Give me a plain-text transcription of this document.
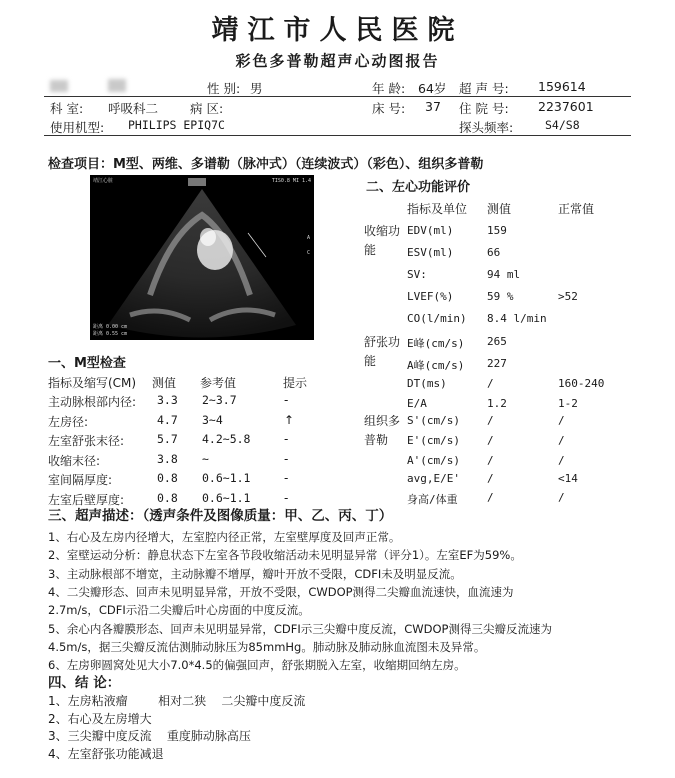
靖江市人民医院
彩色多普勒超声心动图报告
性 别: 男	年 龄: 64岁 超 声 号: 159614
科 室: 呼吸科二	病 区:	床 号: 37 住 院 号: 2237601
使用机型: PHILIPS EPIQ7C	探头频率:	S4/S8
检查项目：M型、两维、多谱勒（脉冲式）（连续波式）（彩色）、组织多普勒
靖江心脏	TIS0.8 MI 1.4
A
C
距离 0.00 cm
距离 0.55 cm
二、左心功能评价
指标及单位 测值	正常值
收缩功能
舒张功能
组织多普勒
EDV(ml)	159
ESV(ml)	66
SV:	94 ml
LVEF(%)	59 %	>52
CO(l/min) 8.4 l/min
E峰(cm/s) 265
A峰(cm/s) 227
DT(ms)	/	160-240
E/A	1.2	1-2
S'(cm/s) /	/
E'(cm/s) /	/
A'(cm/s) /	/
avg,E/E' /	<14
身高/体重	/	/
一、M型检查
指标及缩写(CM) 测值 参考值	提示
主动脉根部内径: 3.3 2~3.7	-
左房径:	4.7 3~4	↑
左室舒张末径:	5.7 4.2~5.8	-
收缩末径:	3.8 ~	-
室间隔厚度:	0.8 0.6~1.1	-
左室后壁厚度:	0.8 0.6~1.1	-
三、超声描述：（透声条件及图像质量：甲、乙、丙、丁）
1、右心及左房内径增大，左室腔内径正常，左室壁厚度及回声正常。
2、室壁运动分析：静息状态下左室各节段收缩活动未见明显异常（评分1）。左室EF为59%。
3、主动脉根部不增宽，主动脉瓣不增厚，瓣叶开放不受限，CDFI未及明显反流。
4、二尖瓣形态、回声未见明显异常，开放不受限，CWDOP测得二尖瓣血流速快，血流速为
2.7m/s，CDFI示沿二尖瓣后叶心房面的中度反流。
5、余心内各瓣膜形态、回声未见明显异常，CDFI示三尖瓣中度反流，CWDOP测得三尖瓣反流速为
4.5m/s，据三尖瓣反流估测肺动脉压为85mmHg。肺动脉及肺动脉血流图未及异常。
6、左房卵圆窝处见大小7.0*4.5的偏强回声，舒张期脱入左室，收缩期回纳左房。
四、结 论：
1、左房粘液瘤        相对二狭    二尖瓣中度反流
2、右心及左房增大
3、三尖瓣中度反流    重度肺动脉高压
4、左室舒张功能减退
